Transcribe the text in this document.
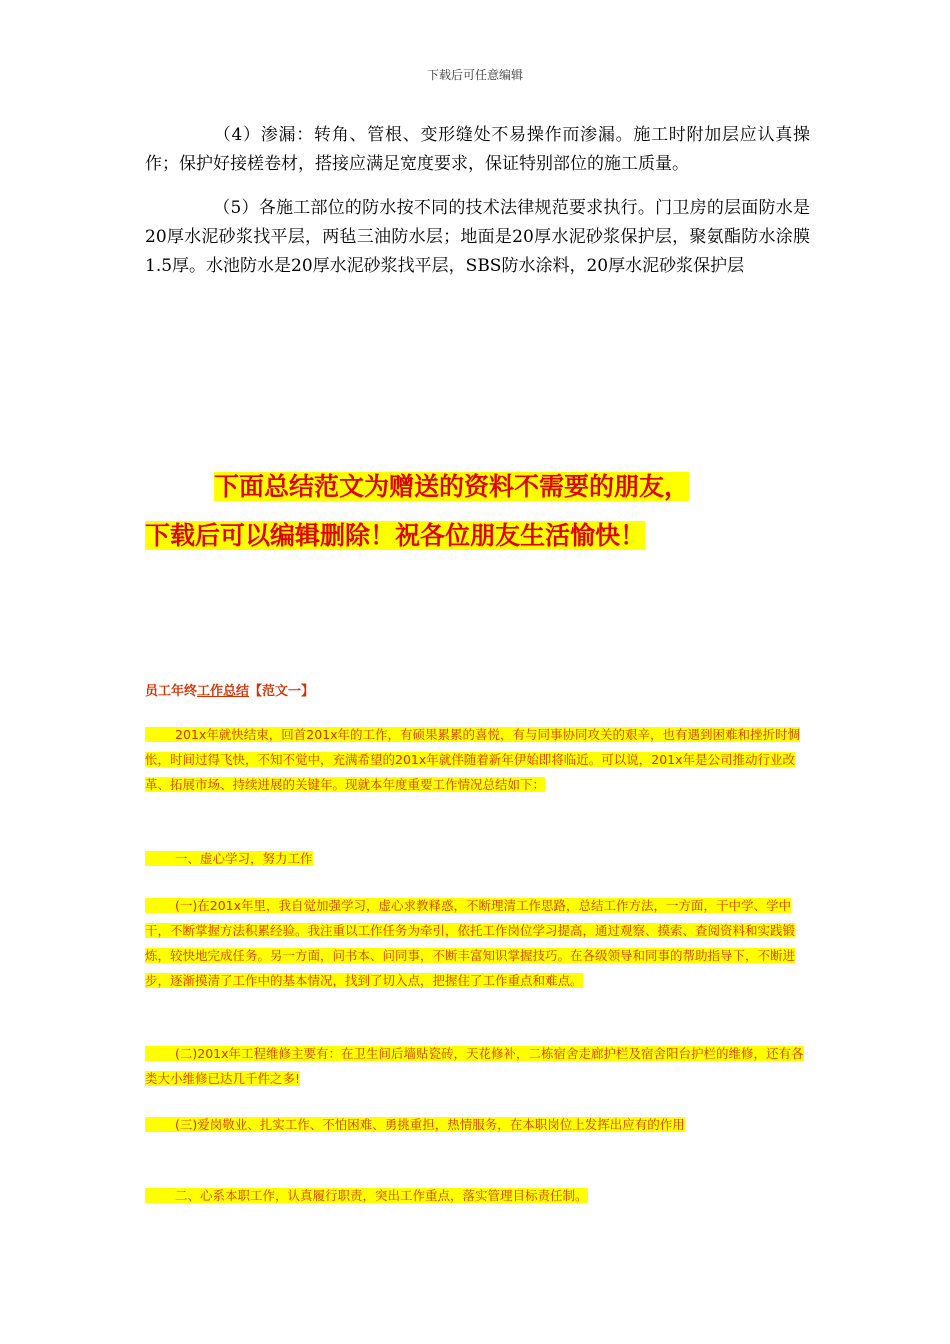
下载后可任意编辑
（4）渗漏：转角、管根、变形缝处不易操作而渗漏。施工时附加层应认真操作；保护好接槎卷材，搭接应满足宽度要求，保证特别部位的施工质量。
（5）各施工部位的防水按不同的技术法律规范要求执行。门卫房的层面防水是20厚水泥砂浆找平层，两毡三油防水层；地面是20厚水泥砂浆保护层，聚氨酯防水涂膜1.5厚。水池防水是20厚水泥砂浆找平层，SBS防水涂料，20厚水泥砂浆保护层
下面总结范文为赠送的资料不需要的朋友，
下载后可以编辑删除！祝各位朋友生活愉快！
员工年终工作总结【范文一】
201x年就快结束，回首201x年的工作，有硕果累累的喜悦，有与同事协同攻关的艰辛，也有遇到困难和挫折时惆怅，时间过得飞快，不知不觉中，充满希望的201x年就伴随着新年伊始即将临近。可以说，201x年是公司推动行业改革、拓展市场、持续进展的关键年。现就本年度重要工作情况总结如下：
一、虚心学习，努力工作
(一)在201x年里，我自觉加强学习，虚心求教释惑，不断理清工作思路，总结工作方法，一方面，干中学、学中干，不断掌握方法积累经验。我注重以工作任务为牵引，依托工作岗位学习提高，通过观察、摸索、查阅资料和实践锻炼，较快地完成任务。另一方面，问书本、问同事，不断丰富知识掌握技巧。在各级领导和同事的帮助指导下，不断进步，逐渐摸清了工作中的基本情况，找到了切入点，把握住了工作重点和难点。
(二)201x年工程维修主要有：在卫生间后墙贴瓷砖，天花修补，二栋宿舍走廊护栏及宿舍阳台护栏的维修，还有各类大小维修已达几千件之多!
(三)爱岗敬业、扎实工作、不怕困难、勇挑重担，热情服务，在本职岗位上发挥出应有的作用
二、心系本职工作，认真履行职责，突出工作重点，落实管理目标责任制。
